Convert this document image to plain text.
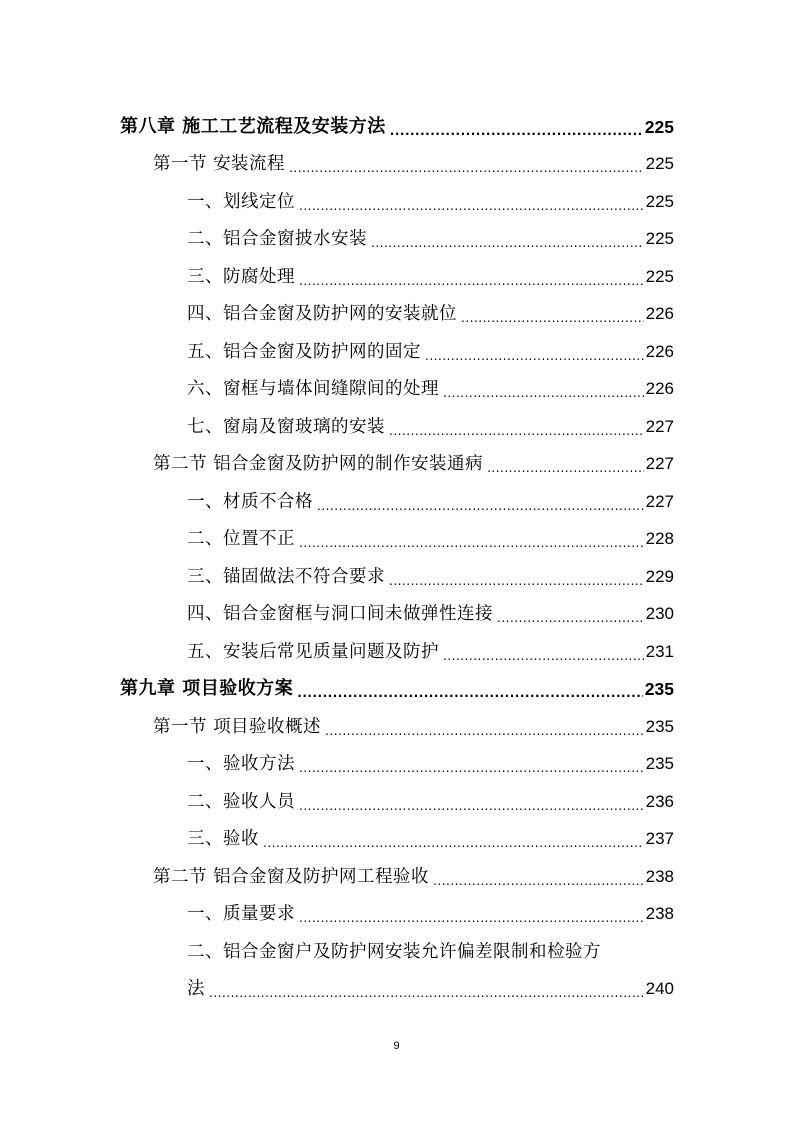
第八章 施工工艺流程及安装方法 .....	225
第一节 安装流程 .....	225
一、划线定位 .....	225
二、铝合金窗披水安装 .....	225
三、防腐处理 .....	225
四、铝合金窗及防护网的安装就位 .....	226
五、铝合金窗及防护网的固定 .....	226
六、窗框与墙体间缝隙间的处理 .....	226
七、窗扇及窗玻璃的安装 .....	227
第二节 铝合金窗及防护网的制作安装通病 .....	227
一、材质不合格 .....	227
二、位置不正 .....	228
三、锚固做法不符合要求 .....	229
四、铝合金窗框与洞口间未做弹性连接 .....	230
五、安装后常见质量问题及防护 .....	231
第九章 项目验收方案 .....	235
第一节 项目验收概述 .....	235
一、验收方法 .....	235
二、验收人员 .....	236
三、验收 .....	237
第二节 铝合金窗及防护网工程验收 .....	238
一、质量要求 .....	238
二、铝合金窗户及防护网安装允许偏差限制和检验方
法 .....	240
9
